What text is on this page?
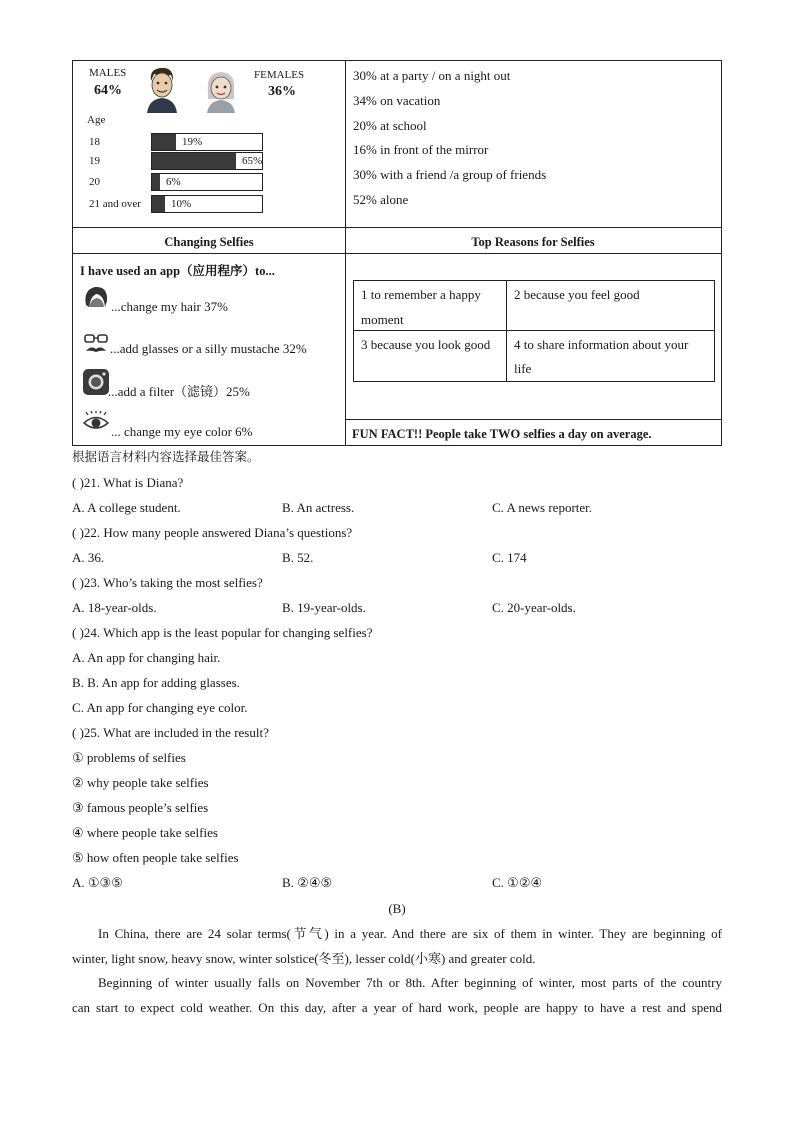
MALES
64%
FEMALES
36%
Age
18	19%
19	65%
20	6%
21 and over	10%
30% at a party / on a night out
34% on vacation
20% at school
16% in front of the mirror
30% with a friend /a group of friends
52% alone
Changing Selfies	Top Reasons for Selfies
I have used an app（应用程序）to...
...change my hair 37%
...add glasses or a silly mustache 32%
...add a filter（滤镜）25%
... change my eye color 6%
1 to remember a happy
moment
2 because you feel good
3 because you look good 4 to share information about your
life
FUN FACT!! People take TWO selfies a day on average.
根据语言材料内容选择最佳答案。
( )21. What is Diana?
A. A college student.	B. An actress.	C. A news reporter.
( )22. How many people answered Diana’s questions?
A. 36.	B. 52.	C. 174
( )23. Who’s taking the most selfies?
A. 18-year-olds.	B. 19-year-olds.	C. 20-year-olds.
( )24. Which app is the least popular for changing selfies?
A. An app for changing hair.
B. B. An app for adding glasses.
C. An app for changing eye color.
( )25. What are included in the result?
① problems of selfies
② why people take selfies
③ famous people’s selfies
④ where people take selfies
⑤ how often people take selfies
A. ①③⑤	B. ②④⑤	C. ①②④
(B)
In China, there are 24 solar terms(节气) in a year. And there are six of them in winter. They are beginning of
winter, light snow, heavy snow, winter solstice(冬至), lesser cold(小寒) and greater cold.
Beginning of winter usually falls on November 7th or 8th. After beginning of winter, most parts of the country
can start to expect cold weather. On this day, after a year of hard work, people are happy to have a rest and spend
